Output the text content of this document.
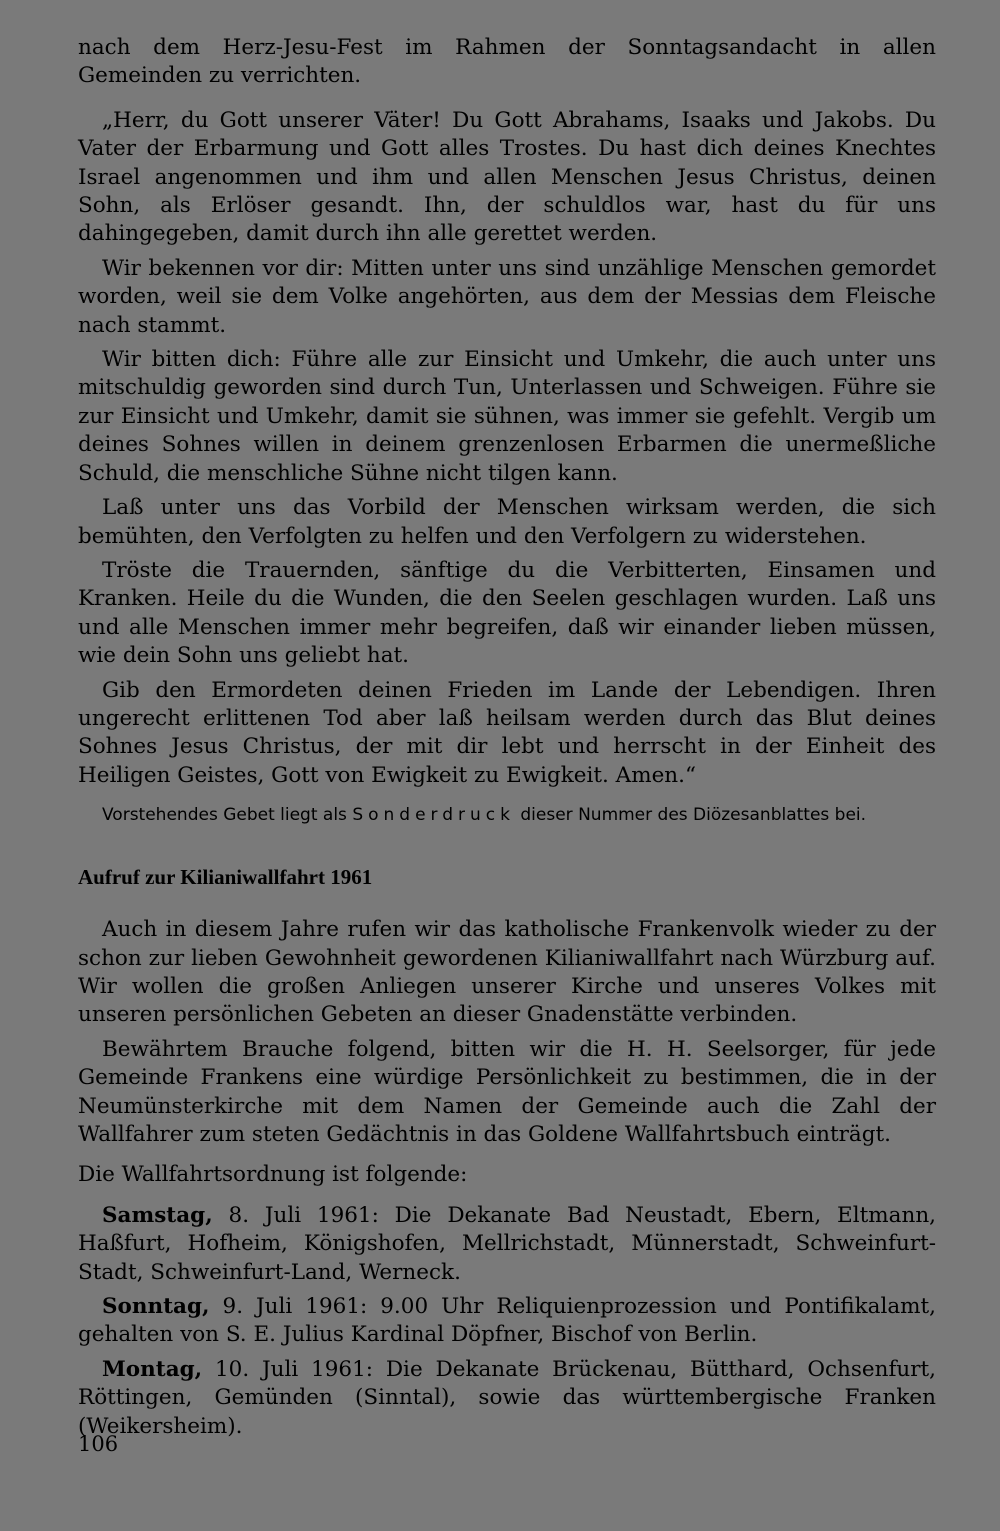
nach dem Herz-Jesu-Fest im Rahmen der Sonntagsandacht in allen Gemeinden zu verrichten.

„Herr, du Gott unserer Väter! Du Gott Abrahams, Isaaks und Jakobs. Du Vater der Erbarmung und Gott alles Trostes. Du hast dich deines Knechtes Israel angenommen und ihm und allen Menschen Jesus Christus, deinen Sohn, als Erlöser gesandt. Ihn, der schuldlos war, hast du für uns dahingegeben, damit durch ihn alle gerettet werden.

Wir bekennen vor dir: Mitten unter uns sind unzählige Menschen gemordet worden, weil sie dem Volke angehörten, aus dem der Messias dem Fleische nach stammt.

Wir bitten dich: Führe alle zur Einsicht und Umkehr, die auch unter uns mitschuldig geworden sind durch Tun, Unterlassen und Schweigen. Führe sie zur Einsicht und Umkehr, damit sie sühnen, was immer sie gefehlt. Vergib um deines Sohnes willen in deinem grenzenlosen Erbarmen die unermeßliche Schuld, die menschliche Sühne nicht tilgen kann.

Laß unter uns das Vorbild der Menschen wirksam werden, die sich bemühten, den Verfolgten zu helfen und den Verfolgern zu widerstehen.

Tröste die Trauernden, sänftige du die Verbitterten, Einsamen und Kranken. Heile du die Wunden, die den Seelen geschlagen wurden. Laß uns und alle Menschen immer mehr begreifen, daß wir einander lieben müssen, wie dein Sohn uns geliebt hat.

Gib den Ermordeten deinen Frieden im Lande der Lebendigen. Ihren ungerecht erlittenen Tod aber laß heilsam werden durch das Blut deines Sohnes Jesus Christus, der mit dir lebt und herrscht in der Einheit des Heiligen Geistes, Gott von Ewigkeit zu Ewigkeit. Amen.“

Vorstehendes Gebet liegt als Sonderdruck dieser Nummer des Diözesanblattes bei.

Aufruf zur Kilianiwallfahrt 1961

Auch in diesem Jahre rufen wir das katholische Frankenvolk wieder zu der schon zur lieben Gewohnheit gewordenen Kilianiwallfahrt nach Würzburg auf. Wir wollen die großen Anliegen unserer Kirche und unseres Volkes mit unseren persönlichen Gebeten an dieser Gnadenstätte verbinden.

Bewährtem Brauche folgend, bitten wir die H. H. Seelsorger, für jede Gemeinde Frankens eine würdige Persönlichkeit zu bestimmen, die in der Neumünsterkirche mit dem Namen der Gemeinde auch die Zahl der Wallfahrer zum steten Gedächtnis in das Goldene Wallfahrtsbuch einträgt.

Die Wallfahrtsordnung ist folgende:

Samstag, 8. Juli 1961: Die Dekanate Bad Neustadt, Ebern, Eltmann, Haßfurt, Hofheim, Königshofen, Mellrichstadt, Münnerstadt, Schweinfurt-Stadt, Schweinfurt-Land, Werneck.

Sonntag, 9. Juli 1961: 9.00 Uhr Reliquienprozession und Pontifikalamt, gehalten von S. E. Julius Kardinal Döpfner, Bischof von Berlin.

Montag, 10. Juli 1961: Die Dekanate Brückenau, Bütthard, Ochsenfurt, Röttingen, Gemünden (Sinntal), sowie das württembergische Franken (Weikersheim).

106
